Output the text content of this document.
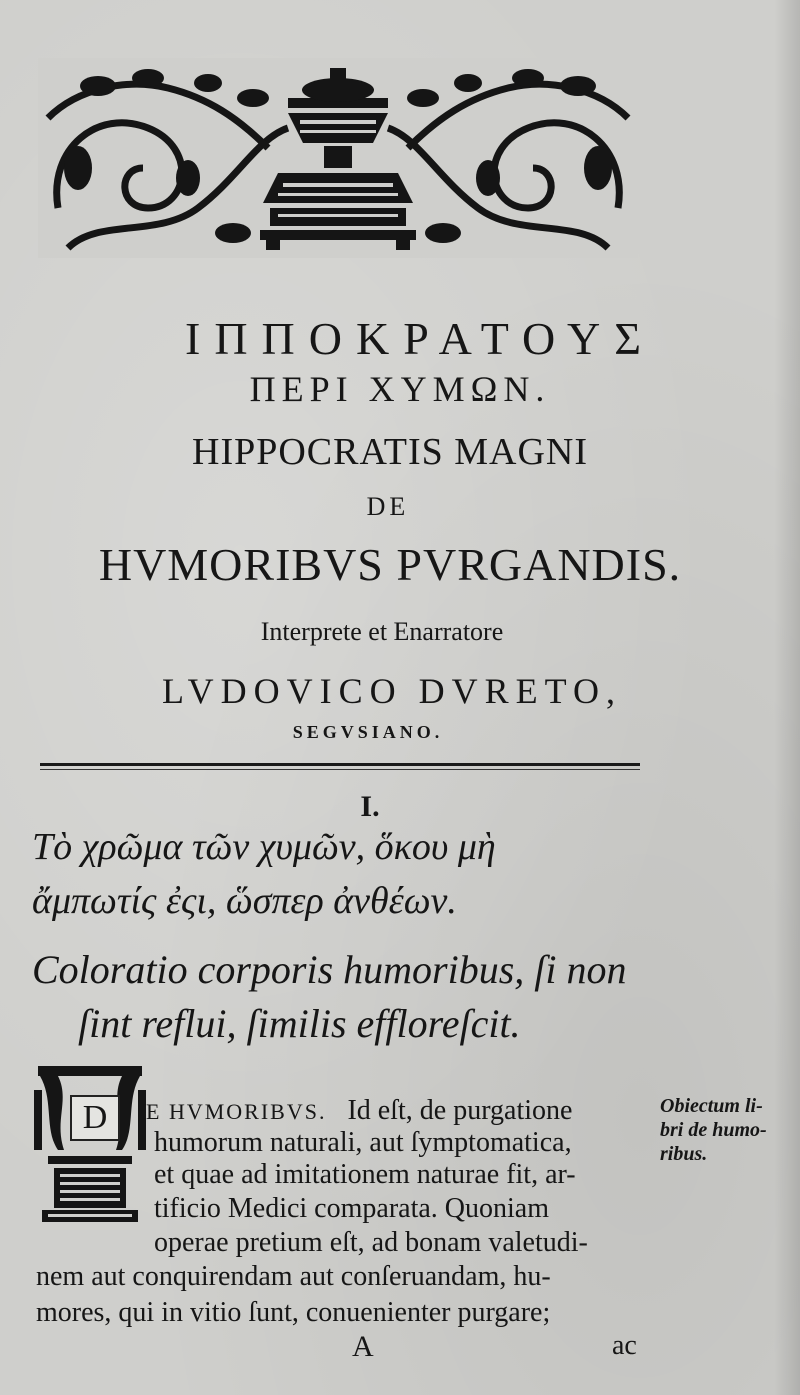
ΙΠΠΟΚΡΑΤΟΥΣ
ΠΕΡΙ ΧΥΜΩΝ.
HIPPOCRATIS MAGNI
DE
HVMORIBVS PVRGANDIS.
Interprete et Enarratore
LVDOVICO DVRETO,
SEGVSIANO.
I.
Τὸ χρῶμα τῶν χυμῶν, ὅκου μὴ
ἄμπωτίς ἐςι, ὥσπερ ἀνθέων.
Coloratio corporis humoribus, ſi non
ſint reflui, ſimilis effloreſcit.
D	E HVMORIBVS. Id eſt, de purgatione
humorum naturali, aut ſymptomatica,
et quae ad imitationem naturae fit, ar-
tificio Medici comparata. Quoniam
operae pretium eſt, ad bonam valetudi-
nem aut conquirendam aut conſeruandam, hu-
mores, qui in vitio ſunt, conuenienter purgare;
Obiectum li-
bri de humo-
ribus.
A	ac
